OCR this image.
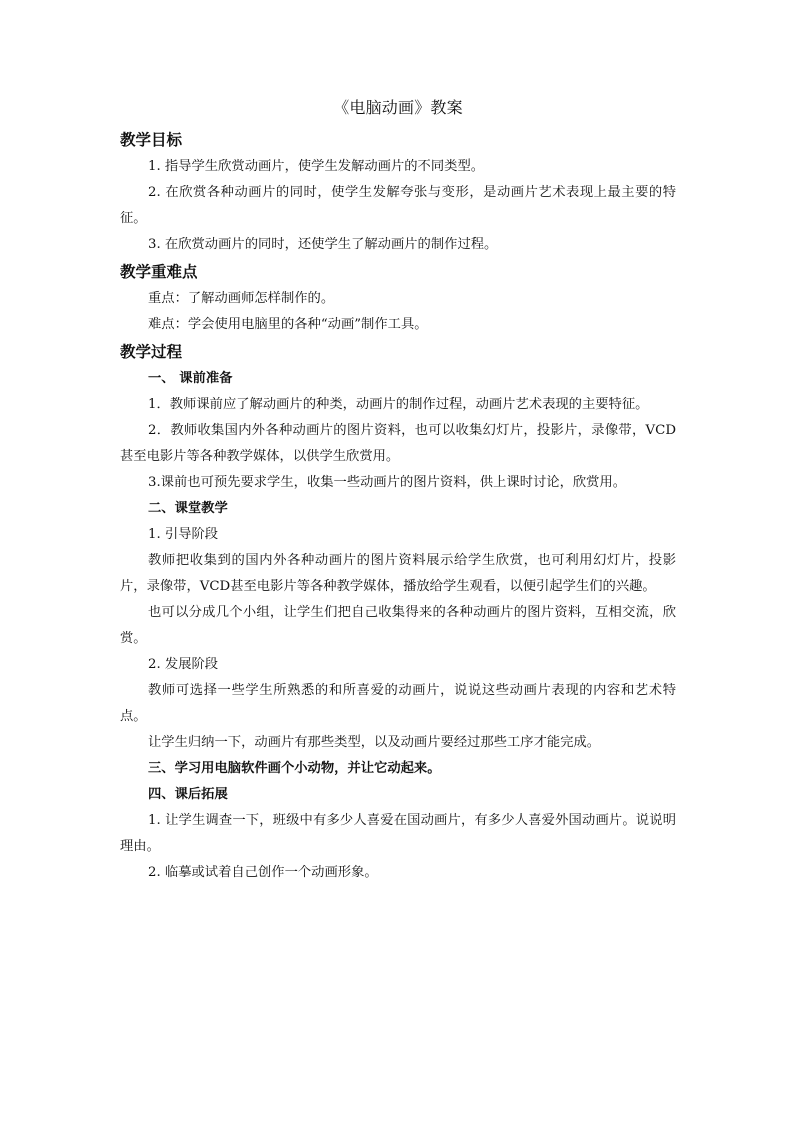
《电脑动画》教案

教学目标

1. 指导学生欣赏动画片，使学生发解动画片的不同类型。

2. 在欣赏各种动画片的同时，使学生发解夸张与变形，是动画片艺术表现上最主要的特征。

3. 在欣赏动画片的同时，还使学生了解动画片的制作过程。

教学重难点

重点：了解动画师怎样制作的。

难点：学会使用电脑里的各种“动画”制作工具。

教学过程

一、 课前准备

1．教师课前应了解动画片的种类，动画片的制作过程，动画片艺术表现的主要特征。

2．教师收集国内外各种动画片的图片资料，也可以收集幻灯片，投影片，录像带，VCD甚至电影片等各种教学媒体，以供学生欣赏用。

3.课前也可预先要求学生，收集一些动画片的图片资料，供上课时讨论，欣赏用。

二、课堂教学

1. 引导阶段

教师把收集到的国内外各种动画片的图片资料展示给学生欣赏，也可利用幻灯片，投影片，录像带，VCD甚至电影片等各种教学媒体，播放给学生观看，以便引起学生们的兴趣。

也可以分成几个小组，让学生们把自己收集得来的各种动画片的图片资料，互相交流，欣赏。

2. 发展阶段

教师可选择一些学生所熟悉的和所喜爱的动画片，说说这些动画片表现的内容和艺术特点。

让学生归纳一下，动画片有那些类型，以及动画片要经过那些工序才能完成。

三、学习用电脑软件画个小动物，并让它动起来。

四、课后拓展

1. 让学生调查一下，班级中有多少人喜爱在国动画片，有多少人喜爱外国动画片。说说明理由。

2. 临摹或试着自己创作一个动画形象。
